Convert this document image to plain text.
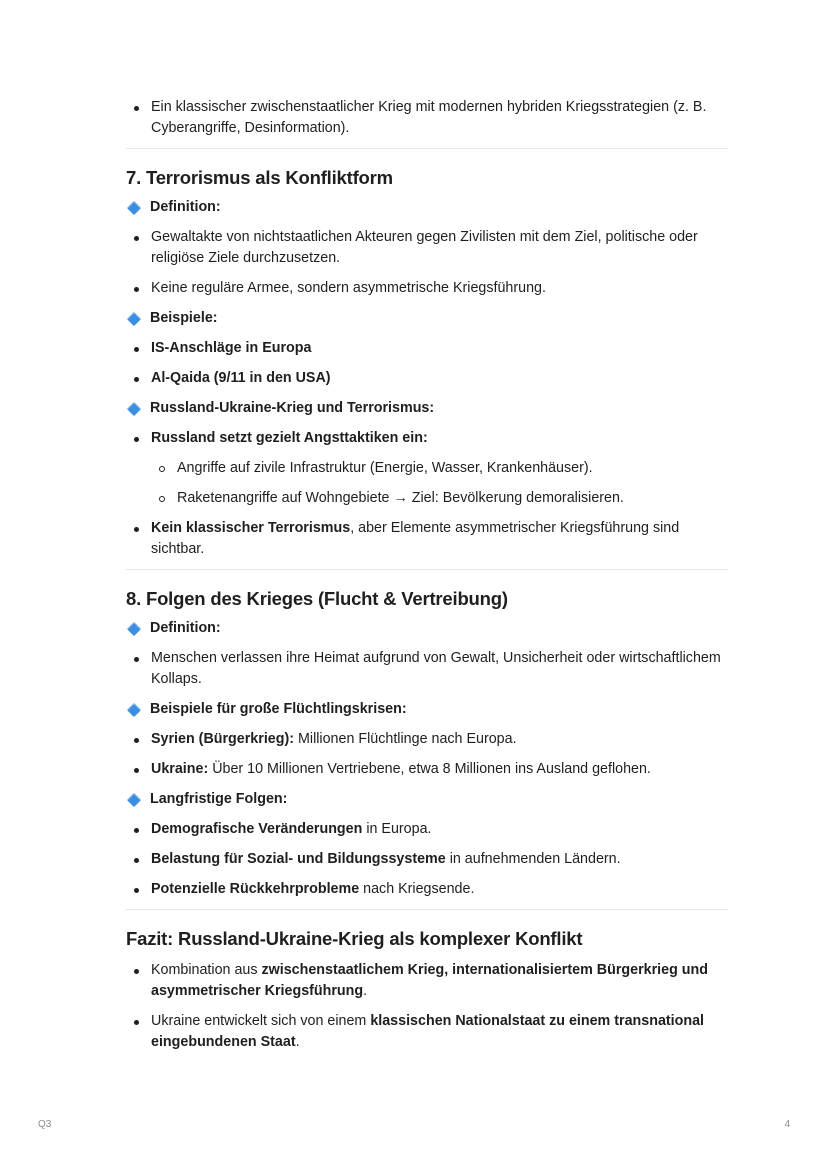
Ein klassischer zwischenstaatlicher Krieg mit modernen hybriden Kriegsstrategien (z. B. Cyberangriffe, Desinformation).
7. Terrorismus als Konfliktform
Definition:
Gewaltakte von nichtstaatlichen Akteuren gegen Zivilisten mit dem Ziel, politische oder religiöse Ziele durchzusetzen.
Keine reguläre Armee, sondern asymmetrische Kriegsführung.
Beispiele:
IS-Anschläge in Europa
Al-Qaida (9/11 in den USA)
Russland-Ukraine-Krieg und Terrorismus:
Russland setzt gezielt Angsttaktiken ein:
Angriffe auf zivile Infrastruktur (Energie, Wasser, Krankenhäuser).
Raketenangriffe auf Wohngebiete → Ziel: Bevölkerung demoralisieren.
Kein klassischer Terrorismus, aber Elemente asymmetrischer Kriegsführung sind sichtbar.
8. Folgen des Krieges (Flucht & Vertreibung)
Definition:
Menschen verlassen ihre Heimat aufgrund von Gewalt, Unsicherheit oder wirtschaftlichem Kollaps.
Beispiele für große Flüchtlingskrisen:
Syrien (Bürgerkrieg): Millionen Flüchtlinge nach Europa.
Ukraine: Über 10 Millionen Vertriebene, etwa 8 Millionen ins Ausland geflohen.
Langfristige Folgen:
Demografische Veränderungen in Europa.
Belastung für Sozial- und Bildungssysteme in aufnehmenden Ländern.
Potenzielle Rückkehrprobleme nach Kriegsende.
Fazit: Russland-Ukraine-Krieg als komplexer Konflikt
Kombination aus zwischenstaatlichem Krieg, internationalisiertem Bürgerkrieg und asymmetrischer Kriegsführung.
Ukraine entwickelt sich von einem klassischen Nationalstaat zu einem transnational eingebundenen Staat.
Q3	4
